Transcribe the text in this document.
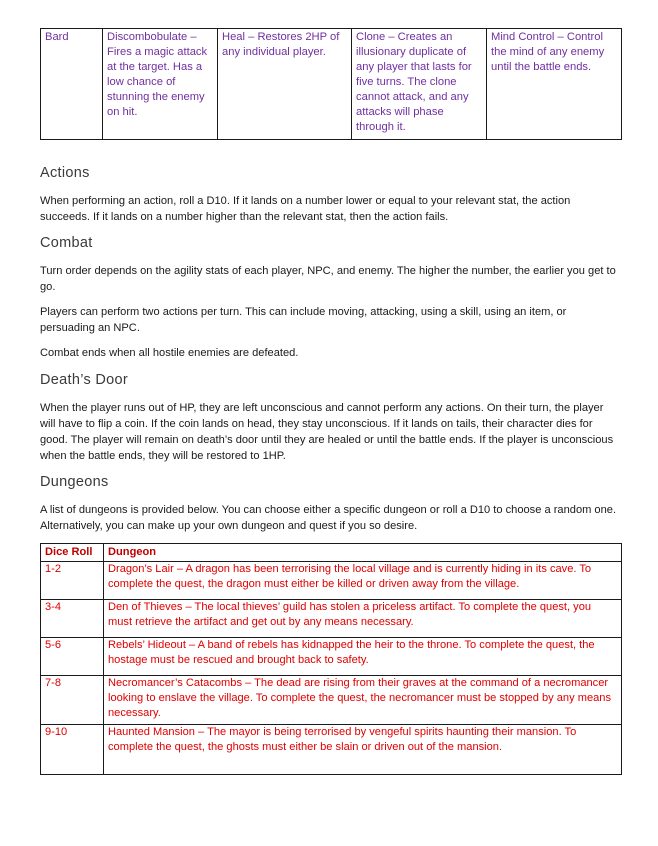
Bard	Discombobulate – Fires a magic attack at the target. Has a low chance of stunning the enemy on hit.	Heal – Restores 2HP of any individual player.	Clone – Creates an illusionary duplicate of any player that lasts for five turns. The clone cannot attack, and any attacks will phase through it.	Mind Control – Control the mind of any enemy until the battle ends.
Actions

When performing an action, roll a D10. If it lands on a number lower or equal to your relevant stat, the action succeeds. If it lands on a number higher than the relevant stat, then the action fails.

Combat

Turn order depends on the agility stats of each player, NPC, and enemy. The higher the number, the earlier you get to go.

Players can perform two actions per turn. This can include moving, attacking, using a skill, using an item, or persuading an NPC.

Combat ends when all hostile enemies are defeated.

Death’s Door

When the player runs out of HP, they are left unconscious and cannot perform any actions. On their turn, the player will have to flip a coin. If the coin lands on head, they stay unconscious. If it lands on tails, their character dies for good. The player will remain on death’s door until they are healed or until the battle ends. If the player is unconscious when the battle ends, they will be restored to 1HP.

Dungeons

A list of dungeons is provided below. You can choose either a specific dungeon or roll a D10 to choose a random one. Alternatively, you can make up your own dungeon and quest if you so desire.

Dice Roll	Dungeon
1-2	Dragon’s Lair – A dragon has been terrorising the local village and is currently hiding in its cave. To complete the quest, the dragon must either be killed or driven away from the village.
3-4	Den of Thieves – The local thieves’ guild has stolen a priceless artifact. To complete the quest, you must retrieve the artifact and get out by any means necessary.
5-6	Rebels’ Hideout – A band of rebels has kidnapped the heir to the throne. To complete the quest, the hostage must be rescued and brought back to safety.
7-8	Necromancer’s Catacombs – The dead are rising from their graves at the command of a necromancer looking to enslave the village. To complete the quest, the necromancer must be stopped by any means necessary.
9-10	Haunted Mansion – The mayor is being terrorised by vengeful spirits haunting their mansion. To complete the quest, the ghosts must either be slain or driven out of the mansion.
